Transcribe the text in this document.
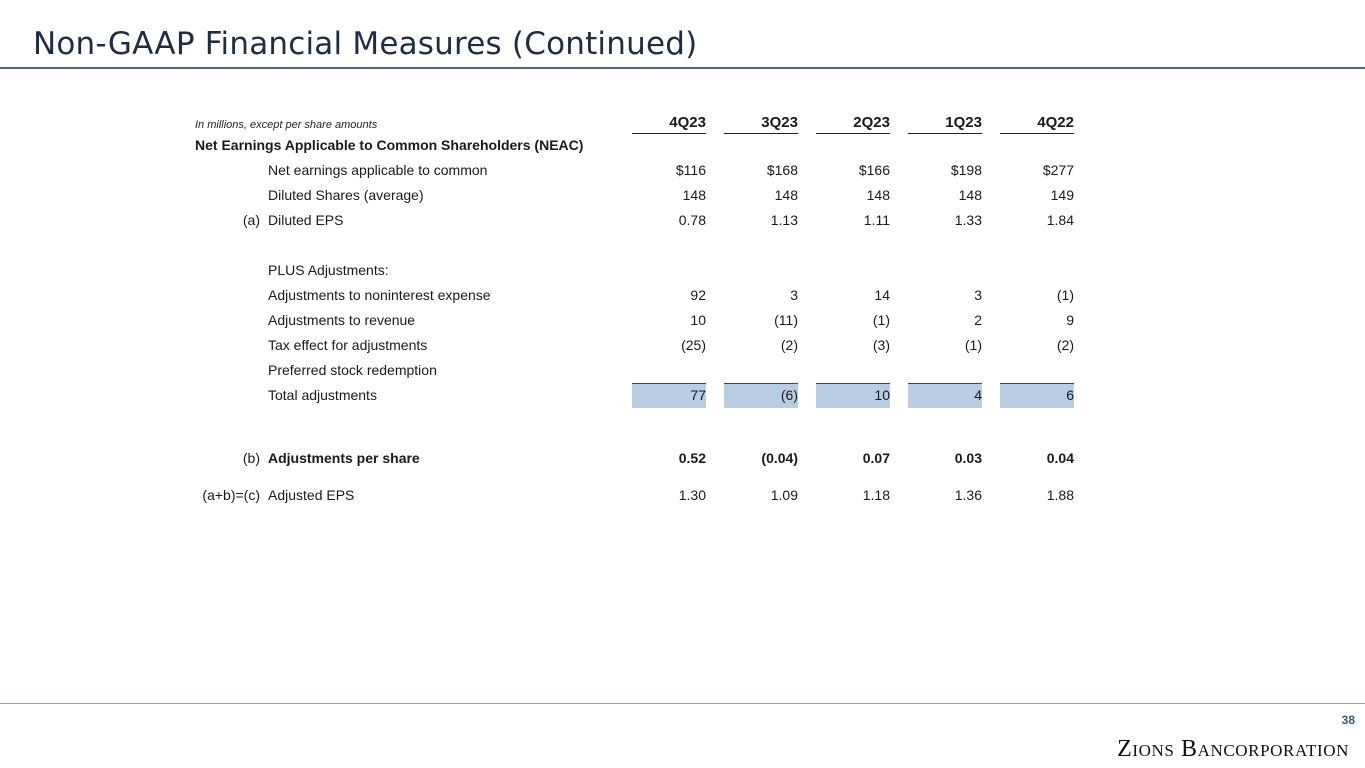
Non-GAAP Financial Measures (Continued)
In millions, except per share amounts
Net Earnings Applicable to Common Shareholders (NEAC)
4Q23	3Q23	2Q23	1Q23	4Q22
Net earnings applicable to common	$116	$168	$166	$198	$277
Diluted Shares (average)	148	148	148	148	149
(a) Diluted EPS	0.78	1.13	1.11	1.33	1.84
PLUS Adjustments:
Adjustments to noninterest expense	92	3	14	3	(1)
Adjustments to revenue	10	(11)	(1)	2	9
Tax effect for adjustments	(25)	(2)	(3)	(1)	(2)
Preferred stock redemption
Total adjustments	77	(6)	10	4	6
(b) Adjustments per share	0.52	(0.04)	0.07	0.03	0.04
(a+b)=(c) Adjusted EPS	1.30	1.09	1.18	1.36	1.88
38
Zions Bancorporation
